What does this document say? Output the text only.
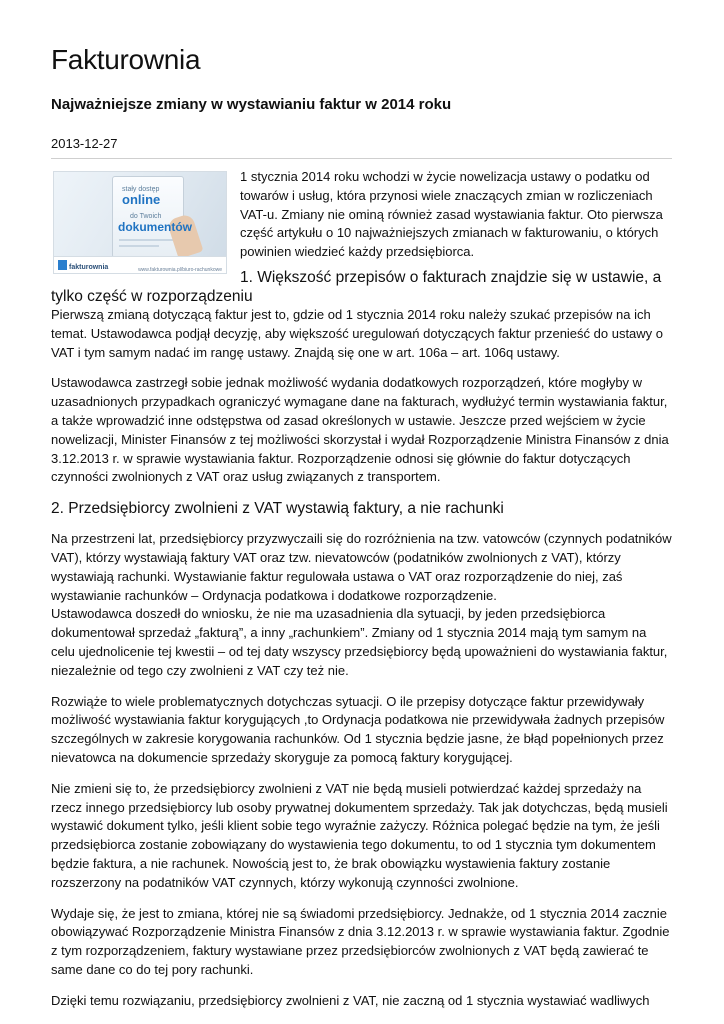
Fakturownia
Najważniejsze zmiany w wystawianiu faktur w 2014 roku
2013-12-27
stały dostęp
online
do Twoich
dokumentów
fakturownia	www.fakturownia.pl/biuro-rachunkowe

1 stycznia 2014 roku wchodzi w życie nowelizacja ustawy o podatku od towarów i usług, która przynosi wiele znaczących zmian w rozliczeniach VAT-u. Zmiany nie ominą również zasad wystawiania faktur. Oto pierwsza część artykułu o 10 najważniejszych zmianach w fakturowaniu, o których powinien wiedzieć każdy przedsiębiorca.

1. Większość przepisów o fakturach znajdzie się w ustawie, a tylko część w rozporządzeniu

Pierwszą zmianą dotyczącą faktur jest to, gdzie od 1 stycznia 2014 roku należy szukać przepisów na ich temat. Ustawodawca podjął decyzję, aby większość uregulowań dotyczących faktur przenieść do ustawy o VAT i tym samym nadać im rangę ustawy. Znajdą się one w art. 106a – art. 106q ustawy.

Ustawodawca zastrzegł sobie jednak możliwość wydania dodatkowych rozporządzeń, które mogłyby w uzasadnionych przypadkach ograniczyć wymagane dane na fakturach, wydłużyć termin wystawiania faktur, a także wprowadzić inne odstępstwa od zasad określonych w ustawie. Jeszcze przed wejściem w życie nowelizacji, Minister Finansów z tej możliwości skorzystał i wydał Rozporządzenie Ministra Finansów z dnia 3.12.2013 r. w sprawie wystawiania faktur. Rozporządzenie odnosi się głównie do faktur dotyczących czynności zwolnionych z VAT oraz usług związanych z transportem.

2. Przedsiębiorcy zwolnieni z VAT wystawią faktury, a nie rachunki

Na przestrzeni lat, przedsiębiorcy przyzwyczaili się do rozróżnienia na tzw. vatowców (czynnych podatników VAT), którzy wystawiają faktury VAT oraz tzw. nievatowców (podatników zwolnionych z VAT), którzy wystawiają rachunki. Wystawianie faktur regulowała ustawa o VAT oraz rozporządzenie do niej, zaś wystawianie rachunków – Ordynacja podatkowa i dodatkowe rozporządzenie.

Ustawodawca doszedł do wniosku, że nie ma uzasadnienia dla sytuacji, by jeden przedsiębiorca dokumentował sprzedaż „fakturą”, a inny „rachunkiem”. Zmiany od 1 stycznia 2014 mają tym samym na celu ujednolicenie tej kwestii – od tej daty wszyscy przedsiębiorcy będą upoważnieni do wystawiania faktur, niezależnie od tego czy zwolnieni z VAT czy też nie.

Rozwiąże to wiele problematycznych dotychczas sytuacji. O ile przepisy dotyczące faktur przewidywały możliwość wystawiania faktur korygujących ,to Ordynacja podatkowa nie przewidywała żadnych przepisów szczególnych w zakresie korygowania rachunków. Od 1 stycznia będzie jasne, że błąd popełnionych przez nievatowca na dokumencie sprzedaży skoryguje za pomocą faktury korygującej.

Nie zmieni się to, że przedsiębiorcy zwolnieni z VAT nie będą musieli potwierdzać każdej sprzedaży na rzecz innego przedsiębiorcy lub osoby prywatnej dokumentem sprzedaży. Tak jak dotychczas, będą musieli wystawić dokument tylko, jeśli klient sobie tego wyraźnie zażyczy. Różnica polegać będzie na tym, że jeśli przedsiębiorca zostanie zobowiązany do wystawienia tego dokumentu, to od 1 stycznia tym dokumentem będzie faktura, a nie rachunek. Nowością jest to, że brak obowiązku wystawienia faktury zostanie rozszerzony na podatników VAT czynnych, którzy wykonują czynności zwolnione.

Wydaje się, że jest to zmiana, której nie są świadomi przedsiębiorcy. Jednakże, od 1 stycznia 2014 zacznie obowiązywać Rozporządzenie Ministra Finansów z dnia 3.12.2013 r. w sprawie wystawiania faktur. Zgodnie z tym rozporządzeniem, faktury wystawiane przez przedsiębiorców zwolnionych z VAT będą zawierać te same dane co do tej pory rachunki.

Dzięki temu rozwiązaniu, przedsiębiorcy zwolnieni z VAT, nie zaczną od 1 stycznia wystawiać wadliwych
